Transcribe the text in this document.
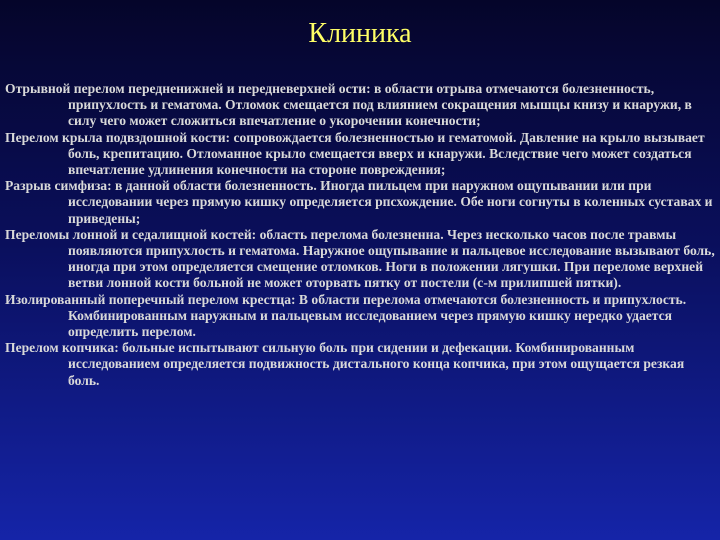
Клиника

Отрывной перелом передненижней и передневерхней ости: в области отрыва отмечаются болезненность, припухлость и гематома. Отломок смещается под влиянием сокращения мышцы книзу и кнаружи, в силу чего может сложиться впечатление о укорочении конечности;

Перелом крыла подвздошной кости: сопровождается болезненностью и гематомой. Давление на крыло вызывает боль, крепитацию. Отломанное крыло смещается вверх и кнаружи. Вследствие чего может создаться впечатление удлинения конечности на стороне повреждения;

Разрыв симфиза: в данной области болезненность. Иногда пильцем при наружном ощупывании или при исследовании через прямую кишку определяется рпсхождение. Обе ноги согнуты в коленных суставах и приведены;

Переломы лонной и седалищной костей: область перелома болезненна. Через несколько часов после травмы появляются припухлость и гематома. Наружное ощупывание и пальцевое исследование вызывают боль, иногда при этом определяется смещение отломков. Ноги в положении лягушки. При переломе верхней ветви лонной кости больной не может оторвать пятку от постели (с-м прилипшей пятки).

Изолированный поперечный перелом крестца: В области перелома отмечаются болезненность и припухлость. Комбинированным наружным и пальцевым исследованием через прямую кишку нередко удается определить перелом.

Перелом копчика: больные испытывают сильную боль при сидении и дефекации. Комбинированным исследованием определяется подвижность дистального конца копчика, при этом ощущается резкая боль.
